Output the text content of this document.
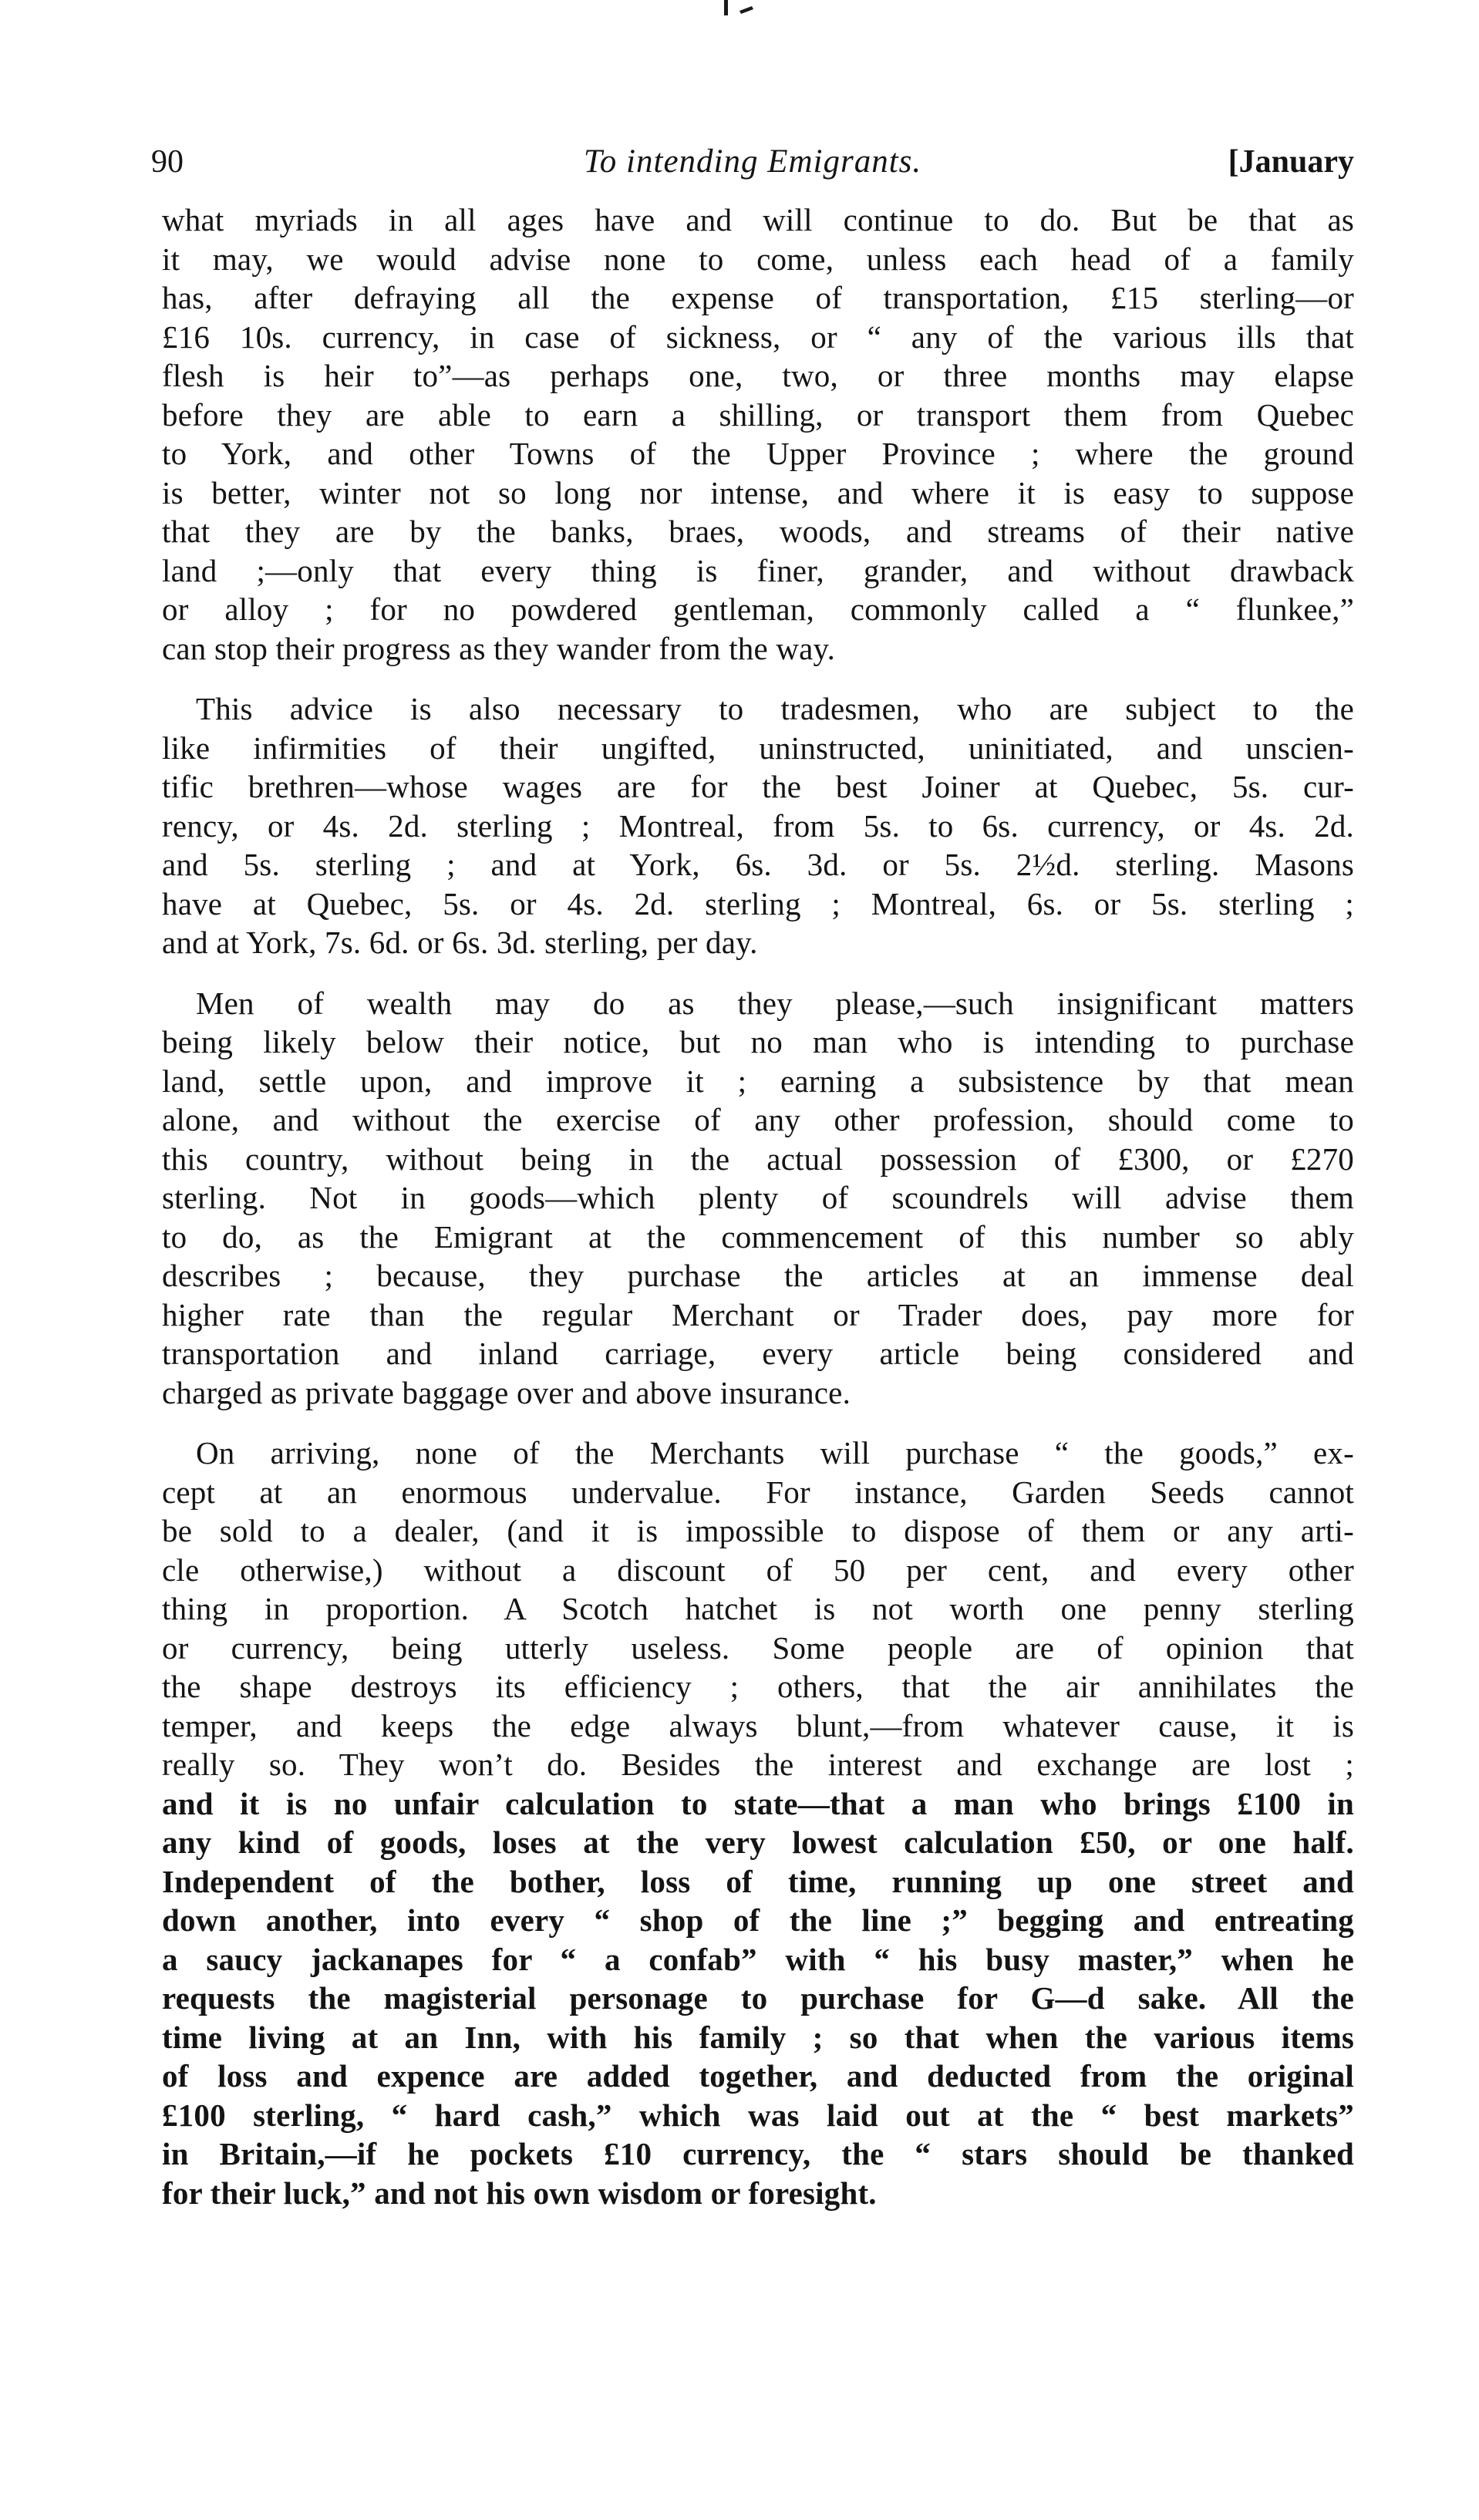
90	To intending Emigrants.	[January

what myriads in all ages have and will continue to do. But be that as
it may, we would advise none to come, unless each head of a family
has, after defraying all the expense of transportation, £15 sterling—or
£16 10s. currency, in case of sickness, or “ any of the various ills that
flesh is heir to”—as perhaps one, two, or three months may elapse
before they are able to earn a shilling, or transport them from Quebec
to York, and other Towns of the Upper Province ; where the ground
is better, winter not so long nor intense, and where it is easy to suppose
that they are by the banks, braes, woods, and streams of their native
land ;—only that every thing is finer, grander, and without drawback
or alloy ; for no powdered gentleman, commonly called a “ flunkee,”
can stop their progress as they wander from the way.

This advice is also necessary to tradesmen, who are subject to the
like infirmities of their ungifted, uninstructed, uninitiated, and unscien-
tific brethren—whose wages are for the best Joiner at Quebec, 5s. cur-
rency, or 4s. 2d. sterling ; Montreal, from 5s. to 6s. currency, or 4s. 2d.
and 5s. sterling ; and at York, 6s. 3d. or 5s. 2½d. sterling. Masons
have at Quebec, 5s. or 4s. 2d. sterling ; Montreal, 6s. or 5s. sterling ;
and at York, 7s. 6d. or 6s. 3d. sterling, per day.

Men of wealth may do as they please,—such insignificant matters
being likely below their notice, but no man who is intending to purchase
land, settle upon, and improve it ; earning a subsistence by that mean
alone, and without the exercise of any other profession, should come to
this country, without being in the actual possession of £300, or £270
sterling. Not in goods—which plenty of scoundrels will advise them
to do, as the Emigrant at the commencement of this number so ably
describes ; because, they purchase the articles at an immense deal
higher rate than the regular Merchant or Trader does, pay more for
transportation and inland carriage, every article being considered and
charged as private baggage over and above insurance.

On arriving, none of the Merchants will purchase “ the goods,” ex-
cept at an enormous undervalue. For instance, Garden Seeds cannot
be sold to a dealer, (and it is impossible to dispose of them or any arti-
cle otherwise,) without a discount of 50 per cent, and every other
thing in proportion. A Scotch hatchet is not worth one penny sterling
or currency, being utterly useless. Some people are of opinion that
the shape destroys its efficiency ; others, that the air annihilates the
temper, and keeps the edge always blunt,—from whatever cause, it is
really so. They won’t do. Besides the interest and exchange are lost ;
and it is no unfair calculation to state—that a man who brings £100 in
any kind of goods, loses at the very lowest calculation £50, or one half.
Independent of the bother, loss of time, running up one street and
down another, into every “ shop of the line ;” begging and entreating
a saucy jackanapes for “ a confab” with “ his busy master,” when he
requests the magisterial personage to purchase for G—d sake. All the
time living at an Inn, with his family ; so that when the various items
of loss and expence are added together, and deducted from the original
£100 sterling, “ hard cash,” which was laid out at the “ best markets”
in Britain,—if he pockets £10 currency, the “ stars should be thanked
for their luck,” and not his own wisdom or foresight.
